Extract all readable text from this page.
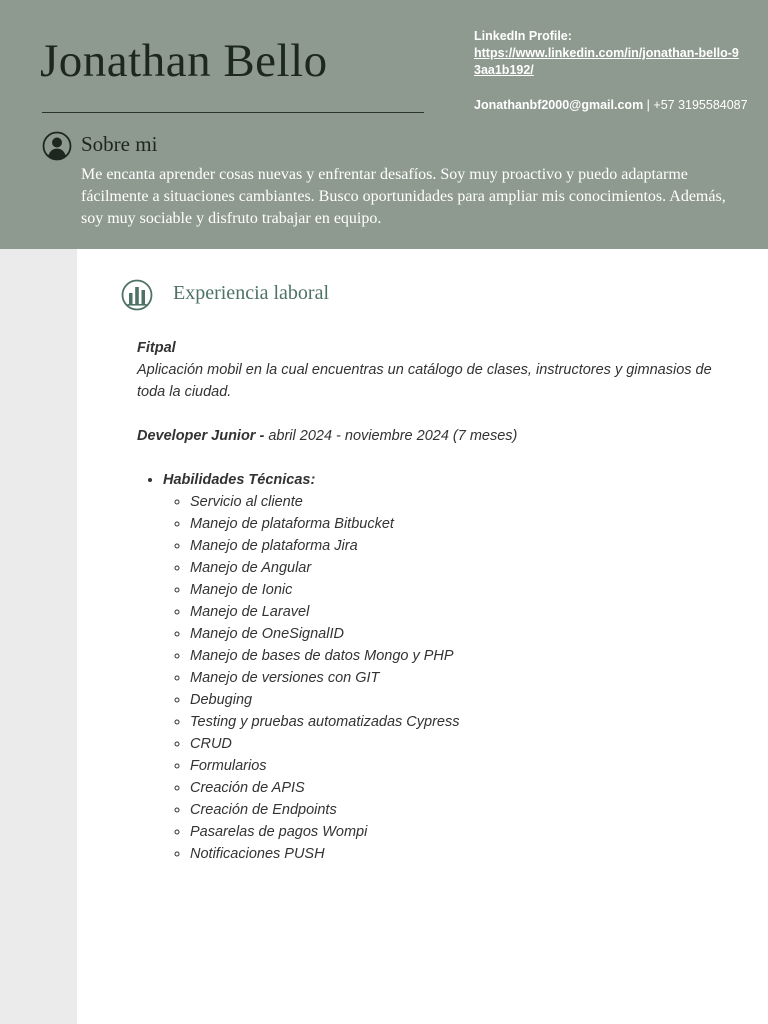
Jonathan Bello	LinkedIn Profile:
https://www.linkedin.com/in/jonathan-bello-93aa1b192/
Jonathanbf2000@gmail.com | +57 3195584087
Sobre mi

Me encanta aprender cosas nuevas y enfrentar desafíos. Soy muy proactivo y puedo adaptarme fácilmente a situaciones cambiantes. Busco oportunidades para ampliar mis conocimientos. Además, soy muy sociable y disfruto trabajar en equipo.

Experiencia laboral
Fitpal
Aplicación mobil en la cual encuentras un catálogo de clases, instructores y gimnasios de toda la ciudad.
Developer Junior - abril 2024 - noviembre 2024 (7 meses)
• Habilidades Técnicas:
◦ Servicio al cliente
◦ Manejo de plataforma Bitbucket
◦ Manejo de plataforma Jira
◦ Manejo de Angular
◦ Manejo de Ionic
◦ Manejo de Laravel
◦ Manejo de OneSignalID
◦ Manejo de bases de datos Mongo y PHP
◦ Manejo de versiones con GIT
◦ Debuging
◦ Testing y pruebas automatizadas Cypress
◦ CRUD
◦ Formularios
◦ Creación de APIS
◦ Creación de Endpoints
◦ Pasarelas de pagos Wompi
◦ Notificaciones PUSH
